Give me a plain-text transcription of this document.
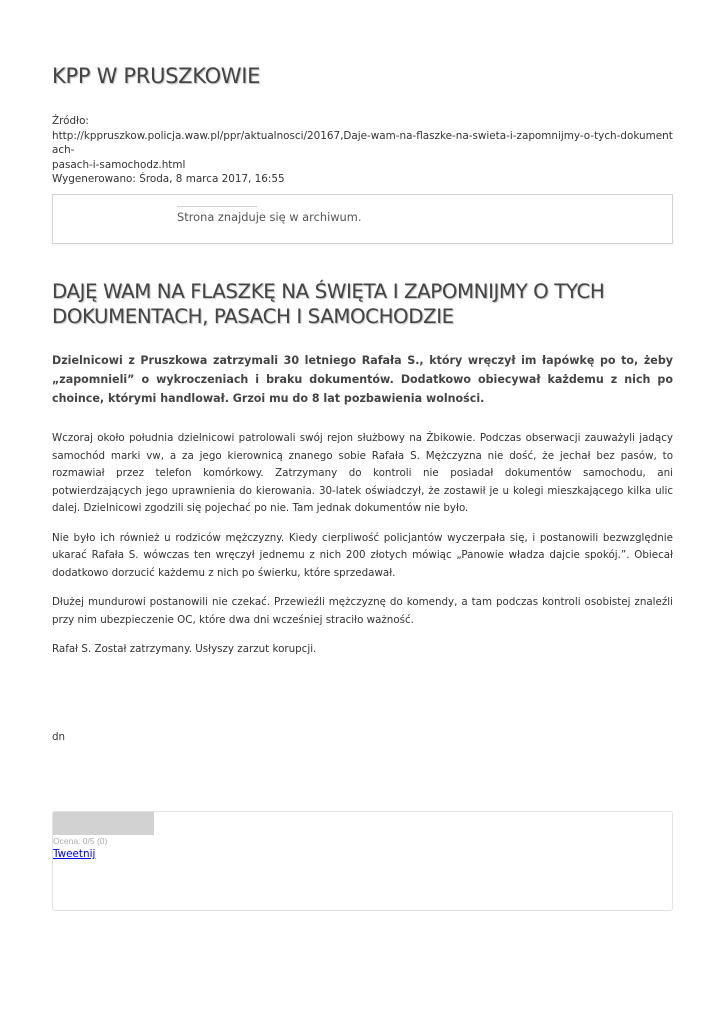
KPP W PRUSZKOWIE
Źródło:
http://kppruszkow.policja.waw.pl/ppr/aktualnosci/20167,Daje-wam-na-flaszke-na-swieta-i-zapomnijmy-o-tych-dokumentach-
pasach-i-samochodz.html
Wygenerowano: Środa, 8 marca 2017, 16:55
Strona znajduje się w archiwum.
DAJĘ WAM NA FLASZKĘ NA ŚWIĘTA I ZAPOMNIJMY O TYCH DOKUMENTACH, PASACH I SAMOCHODZIE

Dzielnicowi z Pruszkowa zatrzymali 30 letniego Rafała S., który wręczył im łapówkę po to, żeby „zapomnieli” o wykroczeniach i braku dokumentów. Dodatkowo obiecywał każdemu z nich po choince, którymi handlował. Grzoi mu do 8 lat pozbawienia wolności.

Wczoraj około południa dzielnicowi patrolowali swój rejon służbowy na Żbikowie. Podczas obserwacji zauważyli jadący samochód marki vw, a za jego kierownicą znanego sobie Rafała S. Mężczyzna nie dość, że jechał bez pasów, to rozmawiał przez telefon komórkowy. Zatrzymany do kontroli nie posiadał dokumentów samochodu, ani potwierdzających jego uprawnienia do kierowania. 30-latek oświadczył, że zostawił je u kolegi mieszkającego kilka ulic dalej. Dzielnicowi zgodzili się pojechać po nie. Tam jednak dokumentów nie było.

Nie było ich również u rodziców mężczyzny. Kiedy cierpliwość policjantów wyczerpała się, i postanowili bezwzględnie ukarać Rafała S. wówczas ten wręczył jednemu z nich 200 złotych mówiąc „Panowie władza dajcie spokój.”. Obiecał dodatkowo dorzucić każdemu z nich po świerku, które sprzedawał.

Dłużej mundurowi postanowili nie czekać. Przewieźli mężczyznę do komendy, a tam podczas kontroli osobistej znaleźli przy nim ubezpieczenie OC, które dwa dni wcześniej straciło ważność.

Rafał S. Został zatrzymany. Usłyszy zarzut korupcji.

dn
Ocena: 0/5 (0)
Tweetnij
